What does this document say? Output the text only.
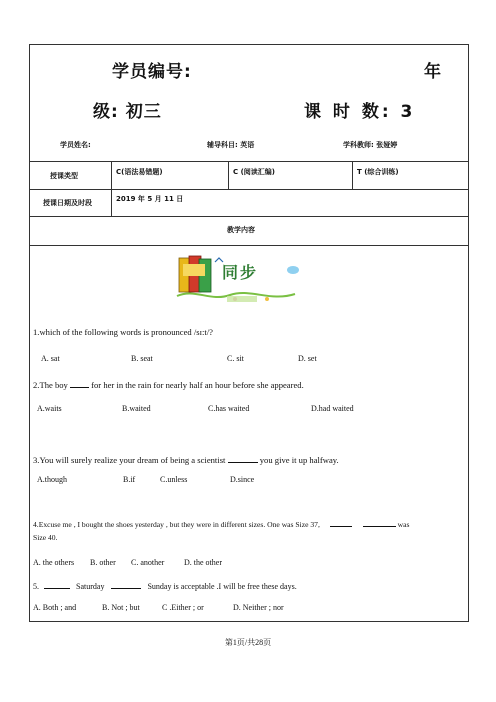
学员编号:	年
级: 初三	课 时 数: 3
学员姓名:	辅导科目: 英语	学科教师: 张娅婷
授课类型	C(语法易错题)	C (阅读汇编)	T (综合训练)
授课日期及时段	2019 年 5 月 11 日
教学内容
同步
1.which of the following words is pronounced /sɪ:t/?
A. sat	B. seat	C. sit	D. set
2.The boy  for her in the rain for nearly half an hour before she appeared.
A.waits	B.waited	C.has waited	D.had waited
3.You will surely realize your dream of being a scientist	you give it up halfway.
A.though	B.if	C.unless	D.since
4.Excuse me , I bought the shoes yesterday , but they were in different sizes. One was Size 37,	was
Size 40.
A. the others B. other C. another D. the other
5.	Saturday	Sunday is acceptable .I will be free these days.
A. Both ; and	B. Not ; but	C .Either ; or	D. Neither ; nor
第1页/共28页
